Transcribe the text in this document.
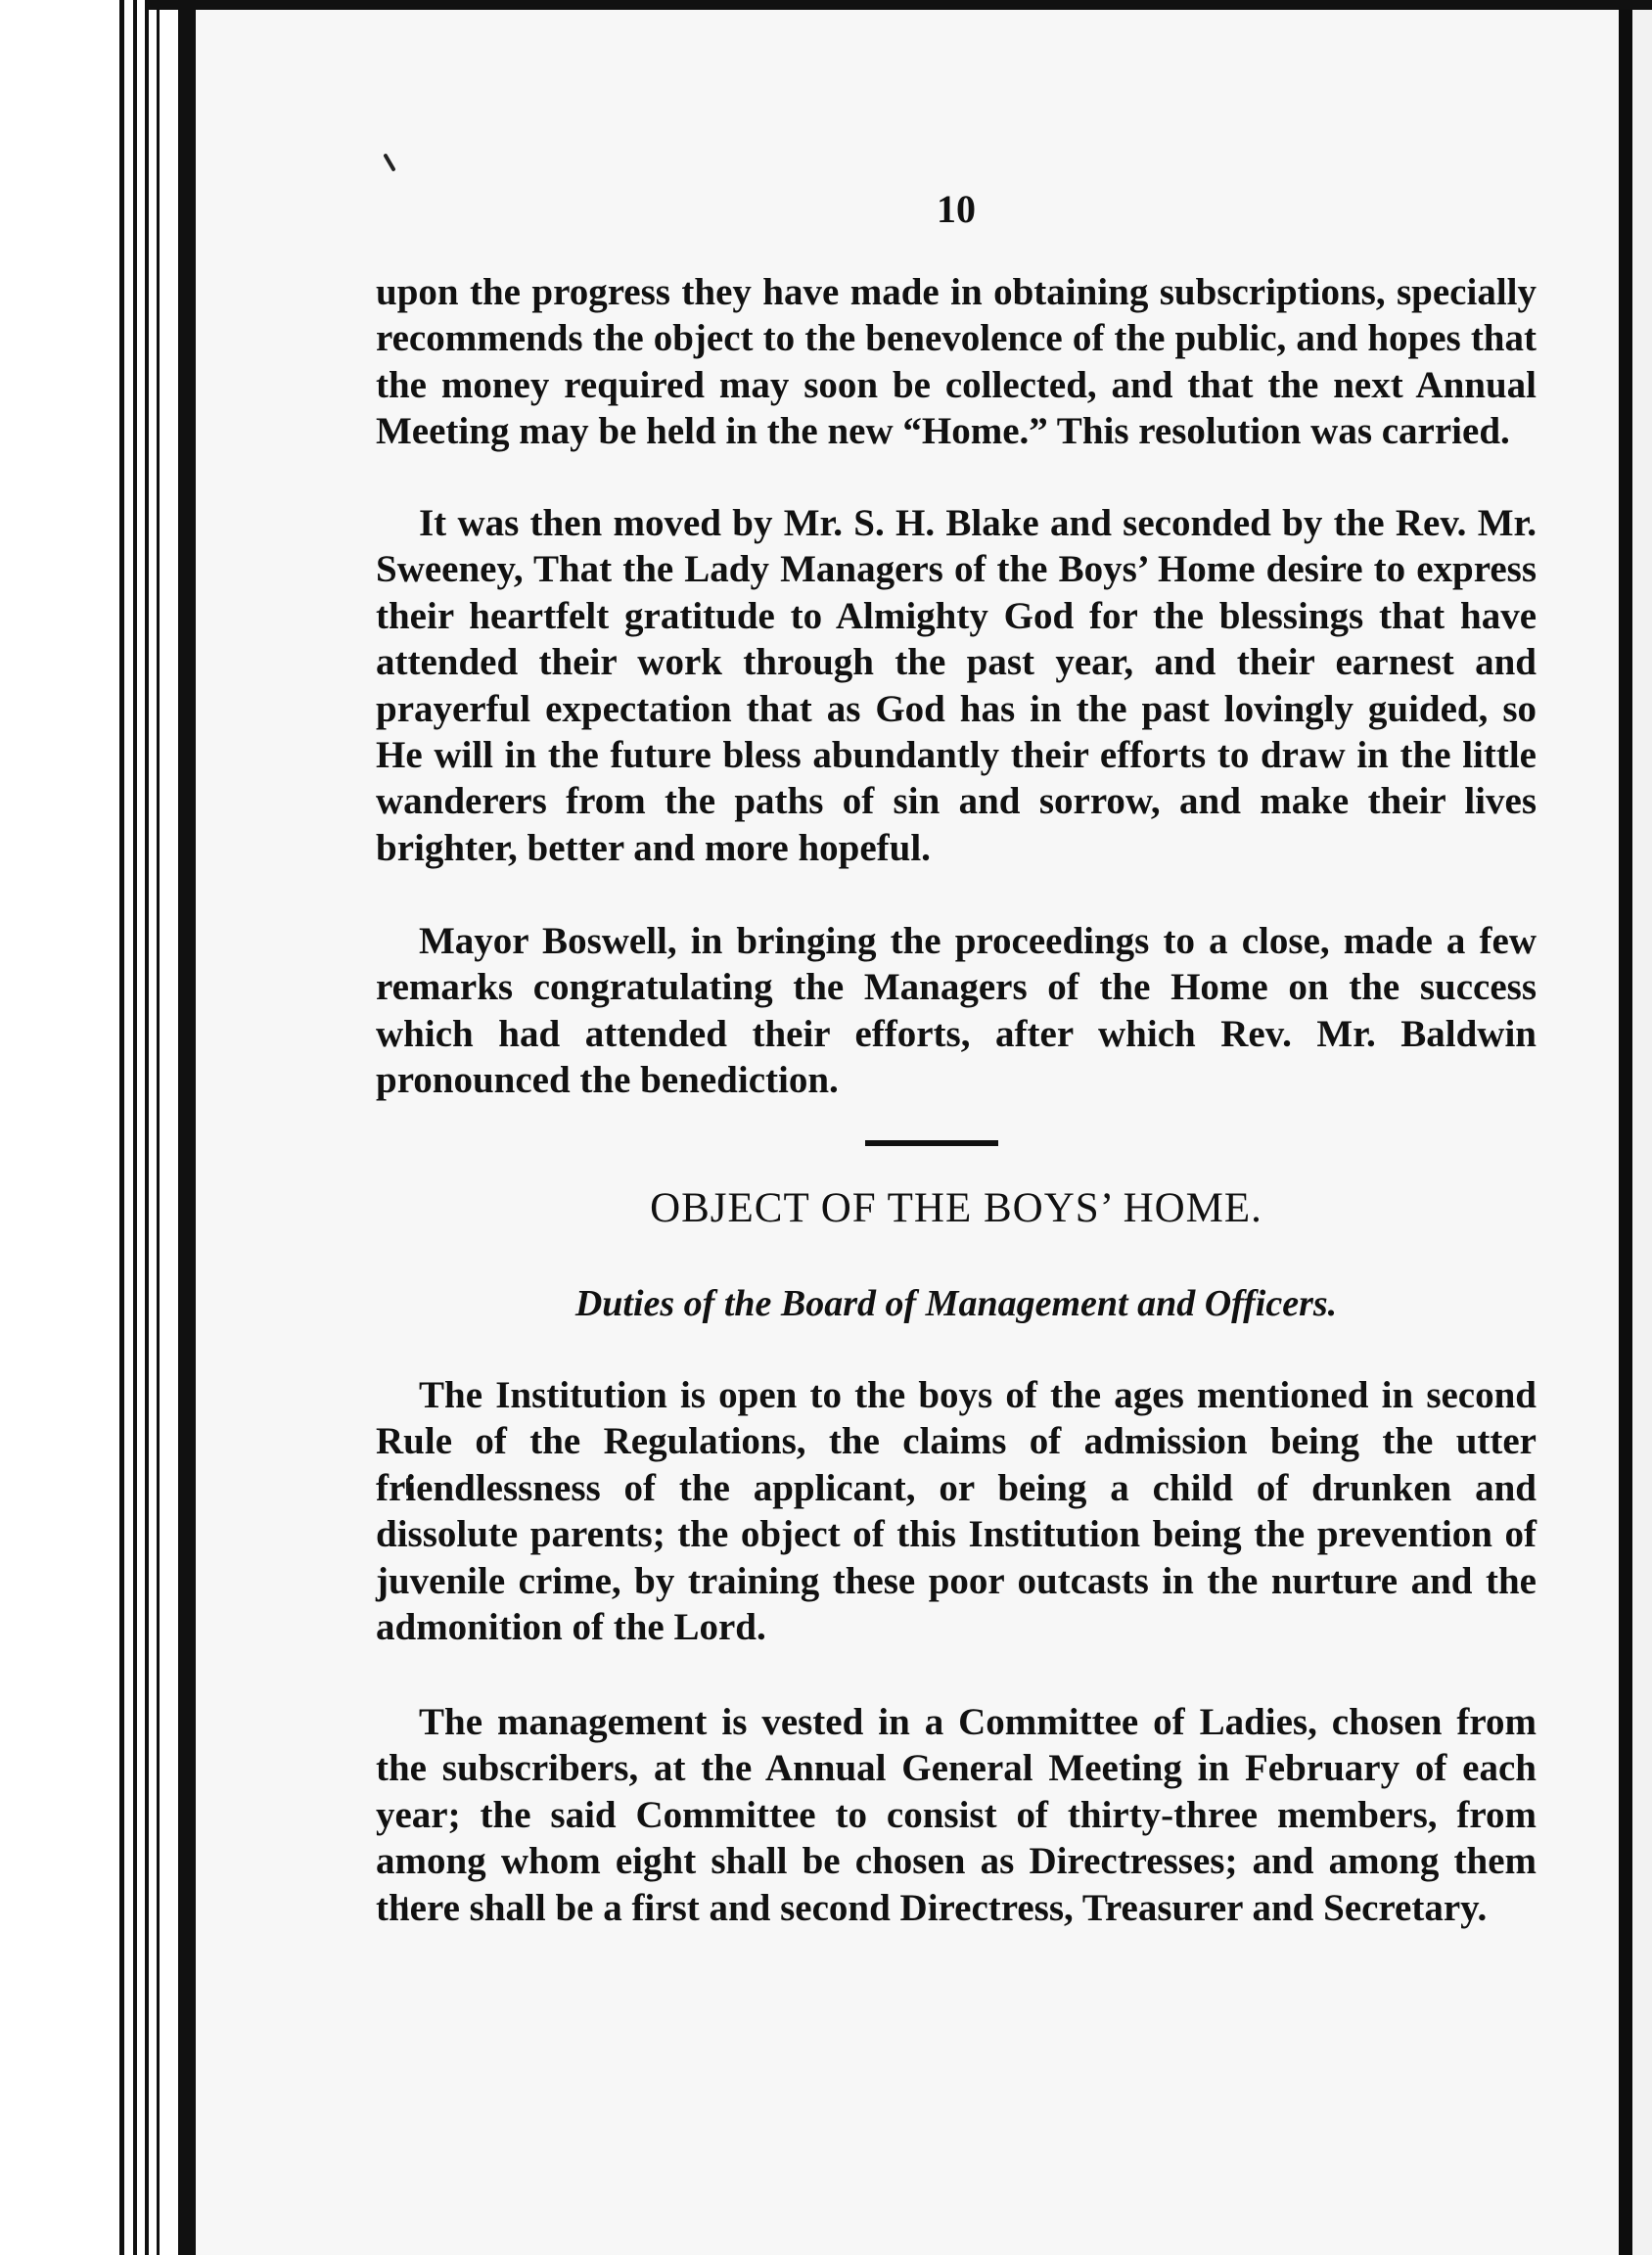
10

upon the progress they have made in obtaining subscriptions, specially recommends the object to the benevolence of the public, and hopes that the money required may soon be collected, and that the next Annual Meeting may be held in the new “Home.” This resolution was carried.

It was then moved by Mr. S. H. Blake and seconded by the Rev. Mr. Sweeney, That the Lady Managers of the Boys’ Home desire to express their heartfelt gratitude to Almighty God for the blessings that have attended their work through the past year, and their earnest and prayerful expectation that as God has in the past lovingly guided, so He will in the future bless abundantly their efforts to draw in the little wanderers from the paths of sin and sorrow, and make their lives brighter, better and more hopeful.

Mayor Boswell, in bringing the proceedings to a close, made a few remarks congratulating the Managers of the Home on the success which had attended their efforts, after which Rev. Mr. Baldwin pronounced the benediction.

OBJECT OF THE BOYS’ HOME.
Duties of the Board of Management and Officers.

The Institution is open to the boys of the ages mentioned in second Rule of the Regulations, the claims of admission being the utter friendlessness of the applicant, or being a child of drunken and dissolute parents; the object of this Institution being the prevention of juvenile crime, by training these poor outcasts in the nurture and the admonition of the Lord.

The management is vested in a Committee of Ladies, chosen from the subscribers, at the Annual General Meeting in February of each year; the said Committee to consist of thirty-three members, from among whom eight shall be chosen as Directresses; and among them there shall be a first and second Directress, Treasurer and Secretary.
